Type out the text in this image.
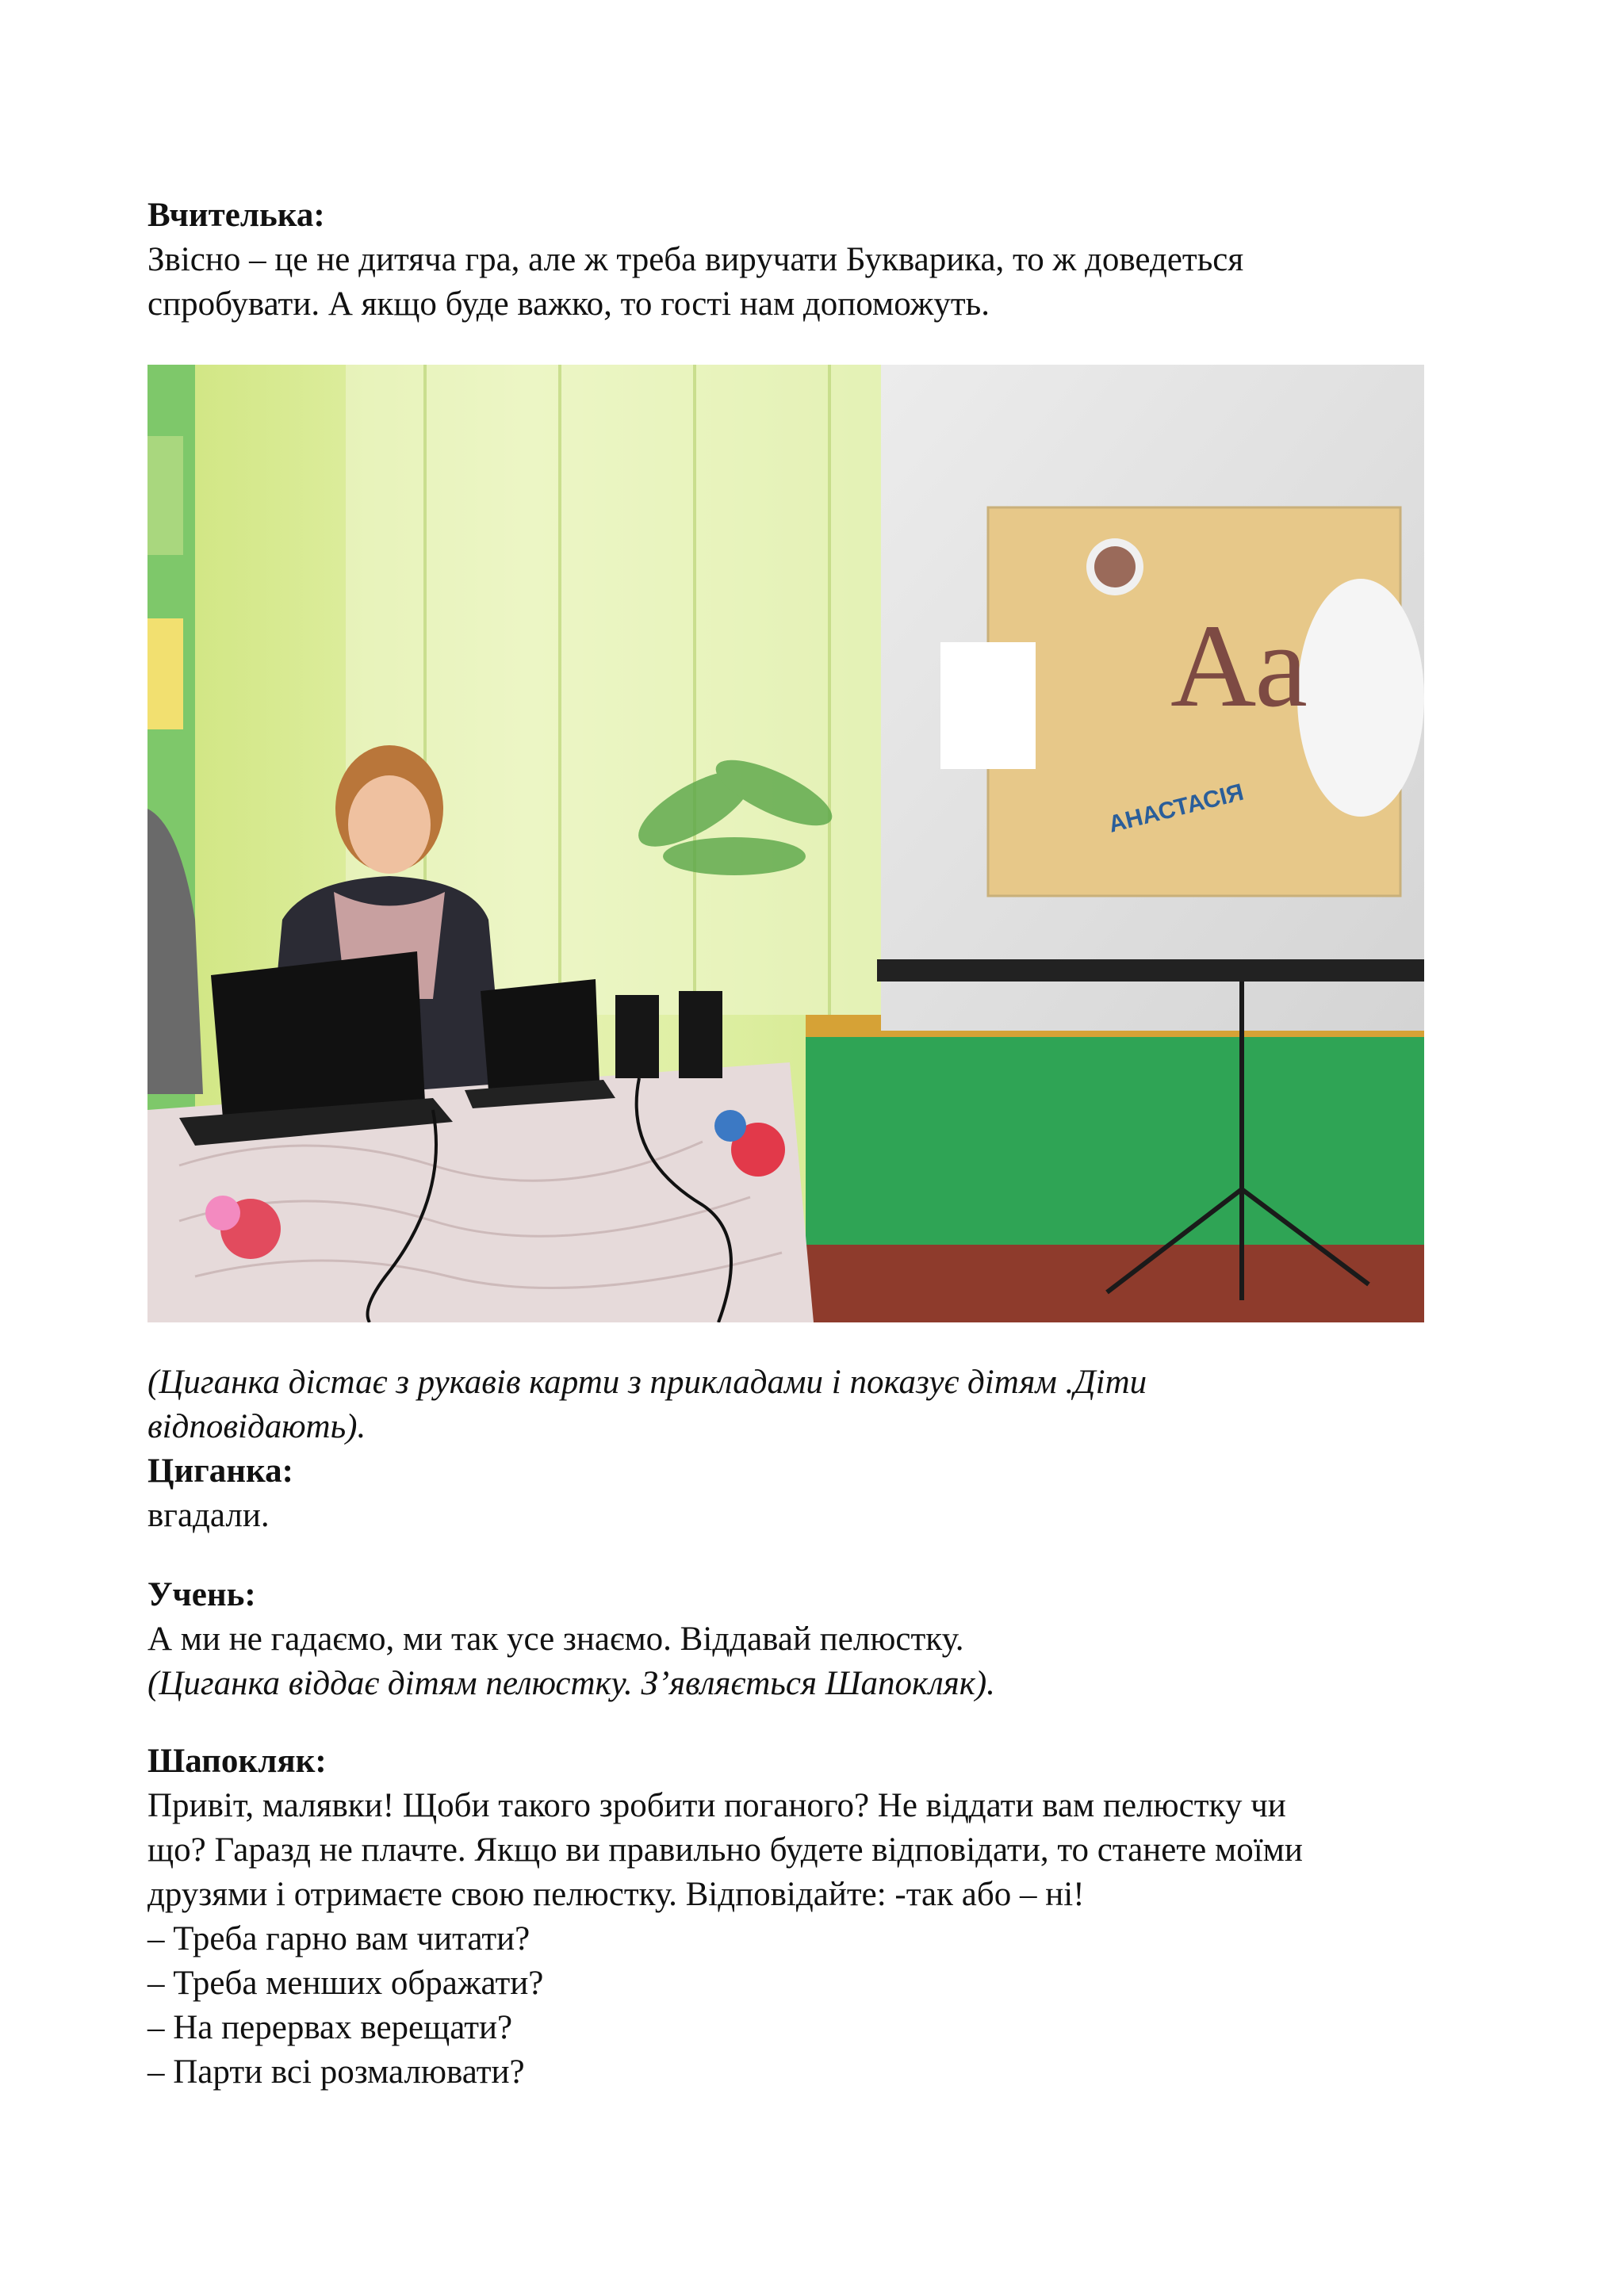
Вчителька:
Звісно – це не дитяча гра, але ж треба виручати Букварика, то ж доведеться
спробувати. А якщо буде важко, то гості нам допоможуть.
Аа
АНАСТАСІЯ
(Циганка дістає з рукавів карти з прикладами і показує дітям .Діти
відповідають).
Циганка:
вгадали.
Учень:
А ми не гадаємо, ми так усе знаємо. Віддавай пелюстку.
(Циганка віддає дітям пелюстку. З’являється Шапокляк).
Шапокляк:
Привіт, малявки! Щоби такого зробити поганого? Не віддати вам пелюстку чи
що? Гаразд не плачте. Якщо ви правильно будете відповідати, то станете моїми
друзями і отримаєте свою пелюстку. Відповідайте: -так або – ні!
– Треба гарно вам читати?
– Треба менших ображати?
– На перервах верещати?
– Парти всі розмалювати?
